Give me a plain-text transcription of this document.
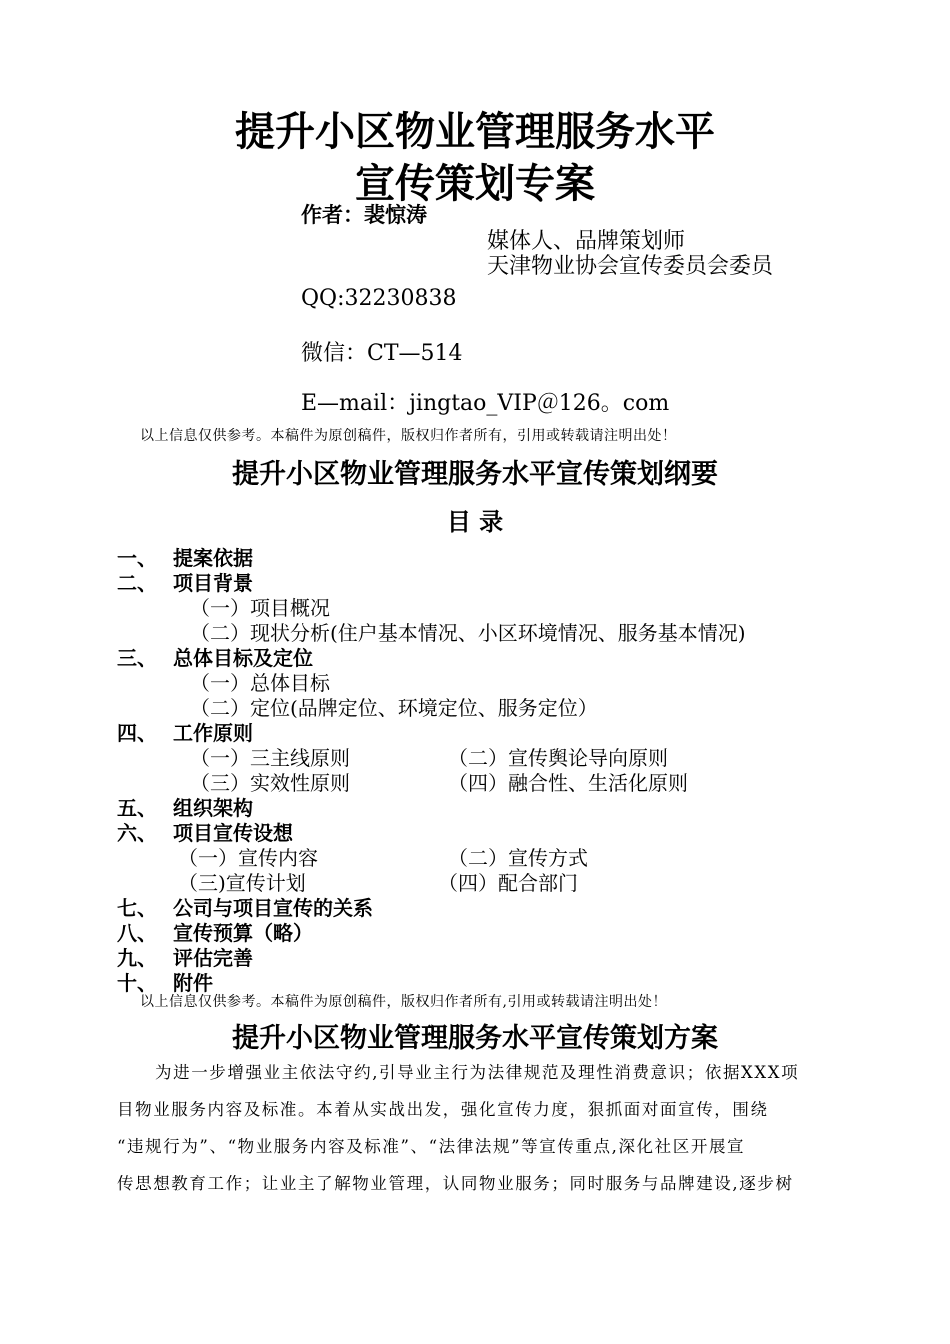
提升小区物业管理服务水平
宣传策划专案
作者：裴惊涛
媒体人、品牌策划师
天津物业协会宣传委员会委员
QQ:32230838
微信：CT—514
E—mail：jingtao_VIP＠126。com
以上信息仅供参考。本稿件为原创稿件，版权归作者所有，引用或转载请注明出处！
提升小区物业管理服务水平宣传策划纲要
目 录
一、 提案依据
二、 项目背景
（一）项目概况
（二）现状分析(住户基本情况、小区环境情况、服务基本情况)
三、 总体目标及定位
（一）总体目标
（二）定位(品牌定位、环境定位、服务定位）
四、 工作原则
（一）三主线原则	（二）宣传舆论导向原则
（三）实效性原则	（四）融合性、生活化原则
五、 组织架构
六、 项目宣传设想
（一）宣传内容	（二）宣传方式
（三)宣传计划	（四）配合部门
七、 公司与项目宣传的关系
八、 宣传预算（略）
九、 评估完善
十、 附件
以上信息仅供参考。本稿件为原创稿件，版权归作者所有,引用或转载请注明出处！
提升小区物业管理服务水平宣传策划方案
为进一步增强业主依法守约,引导业主行为法律规范及理性消费意识；依据XXX项
目物业服务内容及标准。本着从实战出发，强化宣传力度，狠抓面对面宣传，围绕
“违规行为”、“物业服务内容及标准”、“法律法规”等宣传重点,深化社区开展宣
传思想教育工作；让业主了解物业管理，认同物业服务；同时服务与品牌建设,逐步树
